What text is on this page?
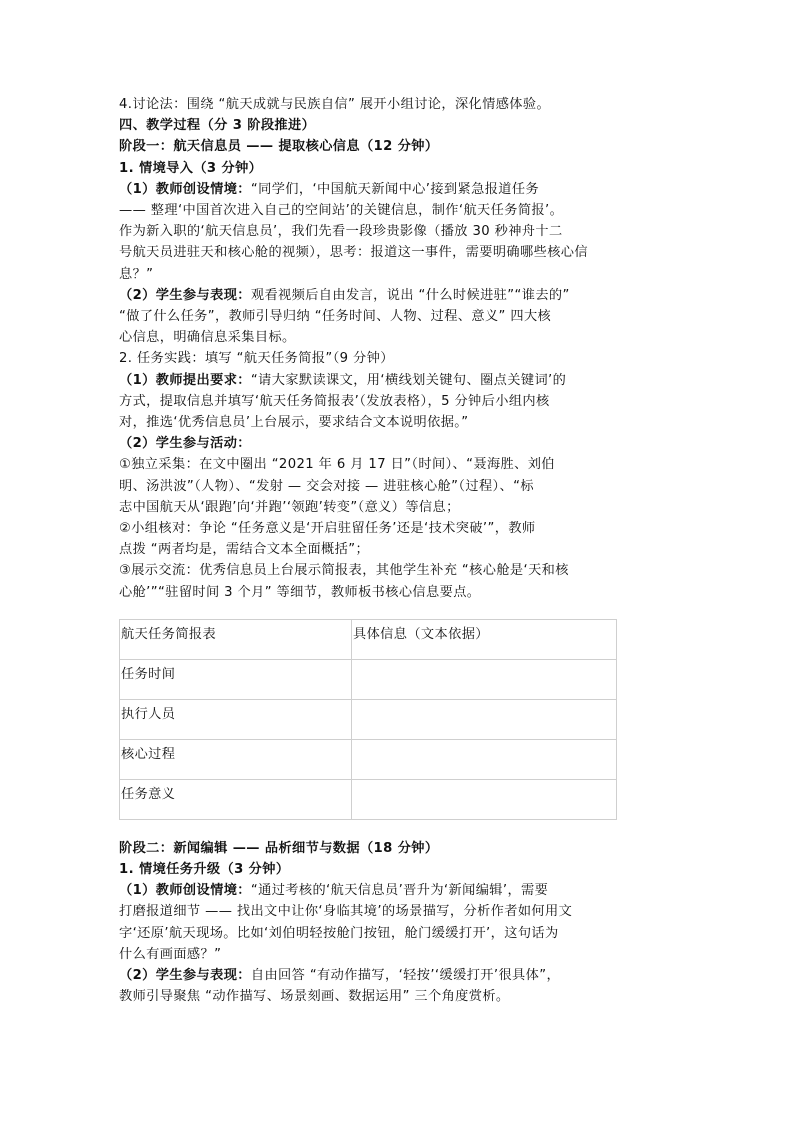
4.讨论法：围绕 “航天成就与民族自信” 展开小组讨论，深化情感体验。
四、教学过程（分 3 阶段推进）
阶段一：航天信息员 —— 提取核心信息（12 分钟）
1. 情境导入（3 分钟）
（1）教师创设情境：“同学们，‘中国航天新闻中心’接到紧急报道任务
—— 整理‘中国首次进入自己的空间站’的关键信息，制作‘航天任务简报’。
作为新入职的‘航天信息员’，我们先看一段珍贵影像（播放 30 秒神舟十二
号航天员进驻天和核心舱的视频），思考：报道这一事件，需要明确哪些核心信
息？”
（2）学生参与表现：观看视频后自由发言，说出 “什么时候进驻”“谁去的”
“做了什么任务”，教师引导归纳 “任务时间、人物、过程、意义” 四大核
心信息，明确信息采集目标。
2. 任务实践：填写 “航天任务简报”（9 分钟）
（1）教师提出要求：“请大家默读课文，用‘横线划关键句、圈点关键词’的
方式，提取信息并填写‘航天任务简报表’（发放表格），5 分钟后小组内核
对，推选‘优秀信息员’上台展示，要求结合文本说明依据。”
（2）学生参与活动：
①独立采集：在文中圈出 “2021 年 6 月 17 日”（时间）、“聂海胜、刘伯
明、汤洪波”（人物）、“发射 — 交会对接 — 进驻核心舱”（过程）、“标
志中国航天从‘跟跑’向‘并跑’‘领跑’转变”（意义）等信息；
②小组核对：争论 “任务意义是‘开启驻留任务’还是‘技术突破’”，教师
点拨 “两者均是，需结合文本全面概括”；
③展示交流：优秀信息员上台展示简报表，其他学生补充 “核心舱是‘天和核
心舱’”“驻留时间 3 个月” 等细节，教师板书核心信息要点。
航天任务简报表	具体信息（文本依据）
任务时间	
执行人员	
核心过程	
任务意义	
阶段二：新闻编辑 —— 品析细节与数据（18 分钟）
1. 情境任务升级（3 分钟）
（1）教师创设情境：“通过考核的‘航天信息员’晋升为‘新闻编辑’，需要
打磨报道细节 —— 找出文中让你‘身临其境’的场景描写，分析作者如何用文
字‘还原’航天现场。比如‘刘伯明轻按舱门按钮，舱门缓缓打开’，这句话为
什么有画面感？”
（2）学生参与表现：自由回答 “有动作描写，‘轻按’‘缓缓打开’很具体”，
教师引导聚焦 “动作描写、场景刻画、数据运用” 三个角度赏析。
